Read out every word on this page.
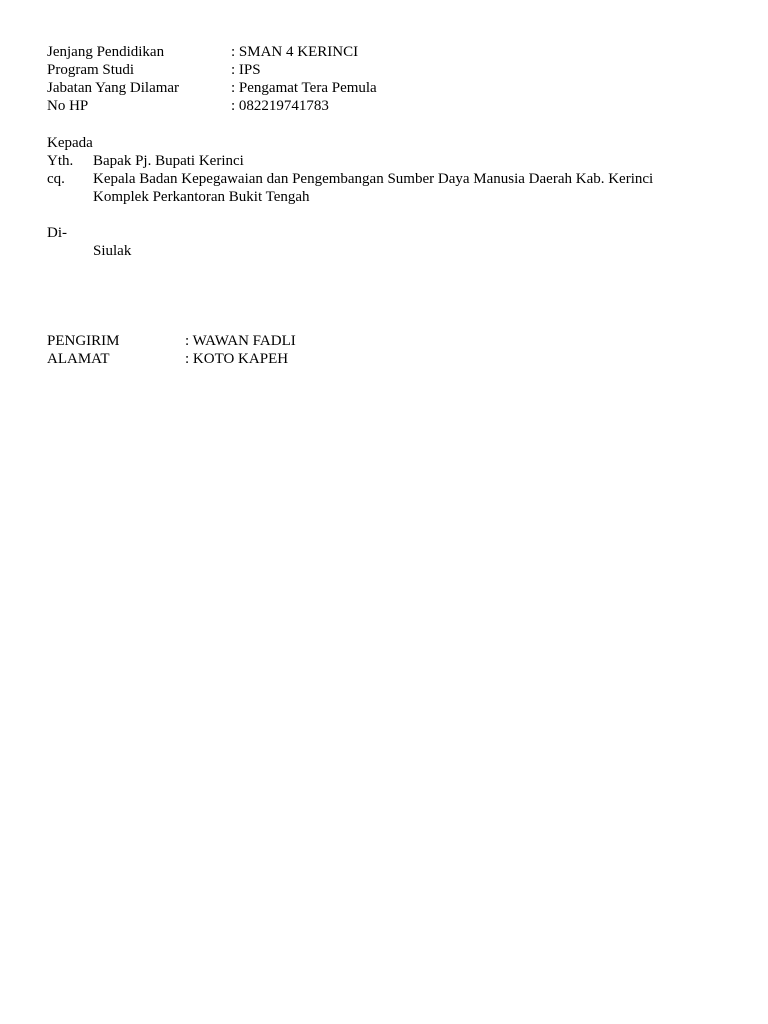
Jenjang Pendidikan	: SMAN 4 KERINCI
Program Studi	: IPS
Jabatan Yang Dilamar	: Pengamat Tera Pemula
No HP	: 082219741783
Kepada
Yth. Bapak Pj. Bupati Kerinci
cq. Kepala Badan Kepegawaian dan Pengembangan Sumber Daya Manusia Daerah Kab. Kerinci
Komplek Perkantoran Bukit Tengah
Di-
Siulak
PENGIRIM	: WAWAN FADLI
ALAMAT	: KOTO KAPEH
